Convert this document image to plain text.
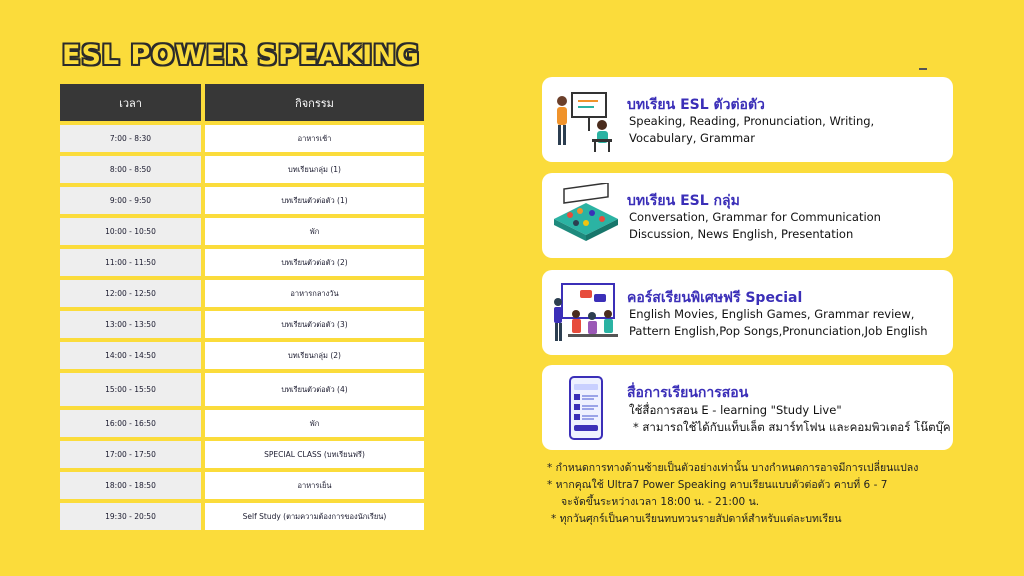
ESL POWER SPEAKING
เวลา	กิจกรรม
7:00 - 8:30	อาหารเช้า
8:00 - 8:50	บทเรียนกลุ่ม (1)
9:00 - 9:50	บทเรียนตัวต่อตัว (1)
10:00 - 10:50	พัก
11:00 - 11:50	บทเรียนตัวต่อตัว (2)
12:00 - 12:50	อาหารกลางวัน
13:00 - 13:50	บทเรียนตัวต่อตัว (3)
14:00 - 14:50	บทเรียนกลุ่ม (2)
15:00 - 15:50	บทเรียนตัวต่อตัว (4)
16:00 - 16:50	พัก
17:00 - 17:50	SPECIAL CLASS (บทเรียนฟรี)
18:00 - 18:50	อาหารเย็น
19:30 - 20:50	Self Study (ตามความต้องการของนักเรียน)
บทเรียน ESL ตัวต่อตัว
Speaking, Reading, Pronunciation, Writing,
Vocabulary, Grammar
บทเรียน ESL กลุ่ม
Conversation, Grammar for Communication
Discussion, News English, Presentation
คอร์สเรียนพิเศษฟรี Special
English Movies, English Games, Grammar review,
Pattern English,Pop Songs,Pronunciation,Job English
สื่อการเรียนการสอน
ใช้สื่อการสอน E - learning "Study Live"
* สามารถใช้ได้กับแท็บเล็ต สมาร์ทโฟน และคอมพิวเตอร์ โน๊ตบุ๊ค
* กำหนดการทางด้านซ้ายเป็นตัวอย่างเท่านั้น บางกำหนดการอาจมีการเปลี่ยนแปลง
* หากคุณใช้ Ultra7 Power Speaking คาบเรียนแบบตัวต่อตัว คาบที่ 6 - 7
จะจัดขึ้นระหว่างเวลา 18:00 น. - 21:00 น.
* ทุกวันศุกร์เป็นคาบเรียนทบทวนรายสัปดาห์สำหรับแต่ละบทเรียน
